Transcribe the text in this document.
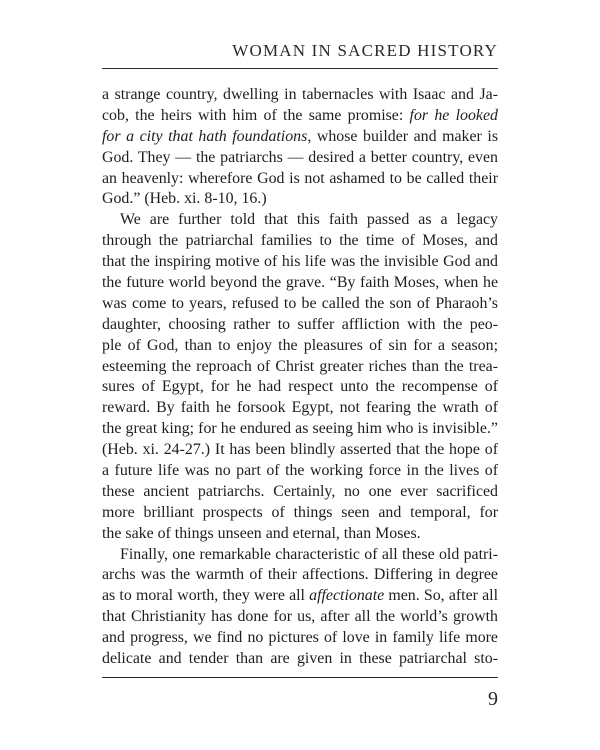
WOMAN IN SACRED HISTORY
a strange country, dwelling in tabernacles with Isaac and Ja-
cob, the heirs with him of the same promise: for he looked
for a city that hath foundations, whose builder and maker is
God. They — the patriarchs — desired a better country, even
an heavenly: wherefore God is not ashamed to be called their
God.” (Heb. xi. 8-10, 16.)
We are further told that this faith passed as a legacy
through the patriarchal families to the time of Moses, and
that the inspiring motive of his life was the invisible God and
the future world beyond the grave. “By faith Moses, when he
was come to years, refused to be called the son of Pharaoh’s
daughter, choosing rather to suffer affliction with the peo-
ple of God, than to enjoy the pleasures of sin for a season;
esteeming the reproach of Christ greater riches than the trea-
sures of Egypt, for he had respect unto the recompense of
reward. By faith he forsook Egypt, not fearing the wrath of
the great king; for he endured as seeing him who is invisible.”
(Heb. xi. 24-27.) It has been blindly asserted that the hope of
a future life was no part of the working force in the lives of
these ancient patriarchs. Certainly, no one ever sacrificed
more brilliant prospects of things seen and temporal, for
the sake of things unseen and eternal, than Moses.
Finally, one remarkable characteristic of all these old patri-
archs was the warmth of their affections. Differing in degree
as to moral worth, they were all affectionate men. So, after all
that Christianity has done for us, after all the world’s growth
and progress, we find no pictures of love in family life more
delicate and tender than are given in these patriarchal sto-
9
